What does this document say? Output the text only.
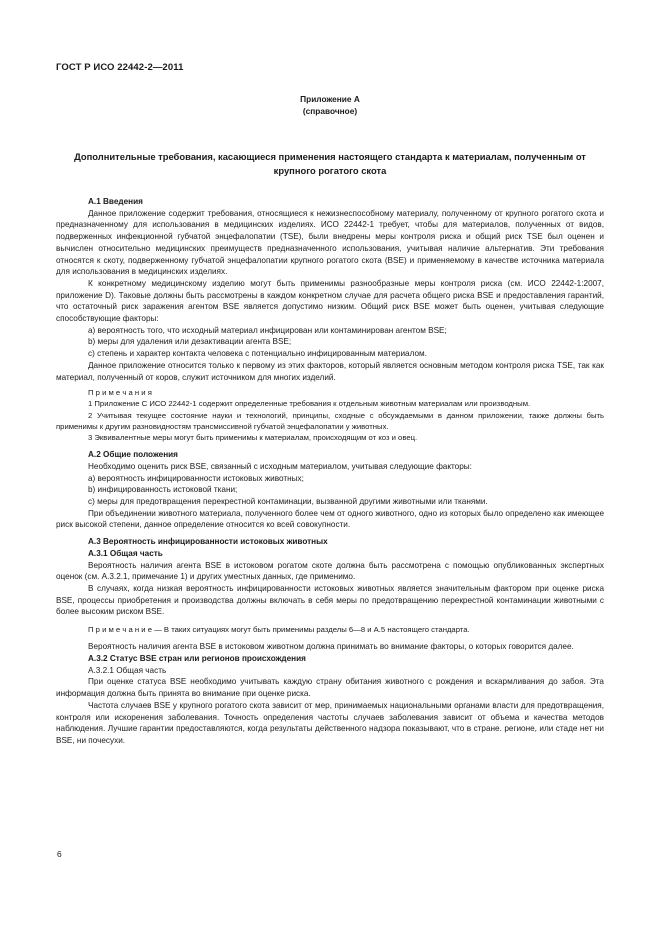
ГОСТ Р ИСО 22442-2—2011
Приложение А
(справочное)
Дополнительные требования, касающиеся применения настоящего стандарта к материалам, полученным от крупного рогатого скота
А.1 Введения

Данное приложение содержит требования, относящиеся к нежизнеспособному материалу, полученному от крупного рогатого скота и предназначенному для использования в медицинских изделиях. ИСО 22442-1 требует, чтобы для материалов, полученных от видов, подверженных инфекционной губчатой энцефалопатии (TSE), были внедрены меры контроля риска и общий риск TSE был оценен и вычислен относительно медицинских преимуществ предназначенного использования, учитывая наличие альтернатив. Эти требования относятся к скоту, подверженному губчатой энцефалопатии крупного рогатого скота (BSE) и применяемому в качестве источника материала для использования в медицинских изделиях.

К конкретному медицинскому изделию могут быть применимы разнообразные меры контроля риска (см. ИСО 22442-1:2007, приложение D). Таковые должны быть рассмотрены в каждом конкретном случае для расчета общего риска BSE и предоставления гарантий, что остаточный риск заражения агентом BSE является допустимо низким. Общий риск BSE может быть оценен, учитывая следующие способствующие факторы:

a) вероятность того, что исходный материал инфицирован или контаминирован агентом BSE;

b) меры для удаления или дезактивации агента BSE;

c) степень и характер контакта человека с потенциально инфицированным материалом.

Данное приложение относится только к первому из этих факторов, который является основным методом контроля риска TSE, так как материал, полученный от коров, служит источником для многих изделий.

П р и м е ч а н и я

1 Приложение С ИСО 22442-1 содержит определенные требования к отдельным животным материалам или производным.

2 Учитывая текущее состояние науки и технологий, принципы, сходные с обсуждаемыми в данном приложении, также должны быть применимы к другим разновидностям трансмиссивной губчатой энцефалопатии у животных.

3 Эквивалентные меры могут быть применимы к материалам, происходящим от коз и овец.

А.2 Общие положения

Необходимо оценить риск BSE, связанный с исходным материалом, учитывая следующие факторы:

a) вероятность инфицированности истоковых животных;

b) инфицированность истоковой ткани;

c) меры для предотвращения перекрестной контаминации, вызванной другими животными или тканями.

При объединении животного материала, полученного более чем от одного животного, одно из которых было определено как имеющее риск высокой степени, данное определение относится ко всей совокупности.

А.3 Вероятность инфицированности истоковых животных
А.3.1 Общая часть

Вероятность наличия агента BSE в истоковом рогатом скоте должна быть рассмотрена с помощью опубликованных экспертных оценок (см. А.3.2.1, примечание 1) и других уместных данных, где применимо.

В случаях, когда низкая вероятность инфицированности истоковых животных является значительным фактором при оценке риска BSE, процессы приобретения и производства должны включать в себя меры по предотвращению перекрестной контаминации животными с более высоким риском BSE.

П р и м е ч а н и е — В таких ситуациях могут быть применимы разделы 6—8 и А.5 настоящего стандарта.

Вероятность наличия агента BSE в истоковом животном должна принимать во внимание факторы, о которых говорится далее.

А.3.2 Статус BSE стран или регионов происхождения
А.3.2.1 Общая часть

При оценке статуса BSE необходимо учитывать каждую страну обитания животного с рождения и вскармливания до забоя. Эта информация должна быть принята во внимание при оценке риска.

Частота случаев BSE у крупного рогатого скота зависит от мер, принимаемых национальными органами власти для предотвращения, контроля или искоренения заболевания. Точность определения частоты случаев заболевания зависит от объема и качества методов наблюдения. Лучшие гарантии предоставляются, когда результаты действенного надзора показывают, что в стране. регионе, или стаде нет ни BSE, ни почесухи.

6
